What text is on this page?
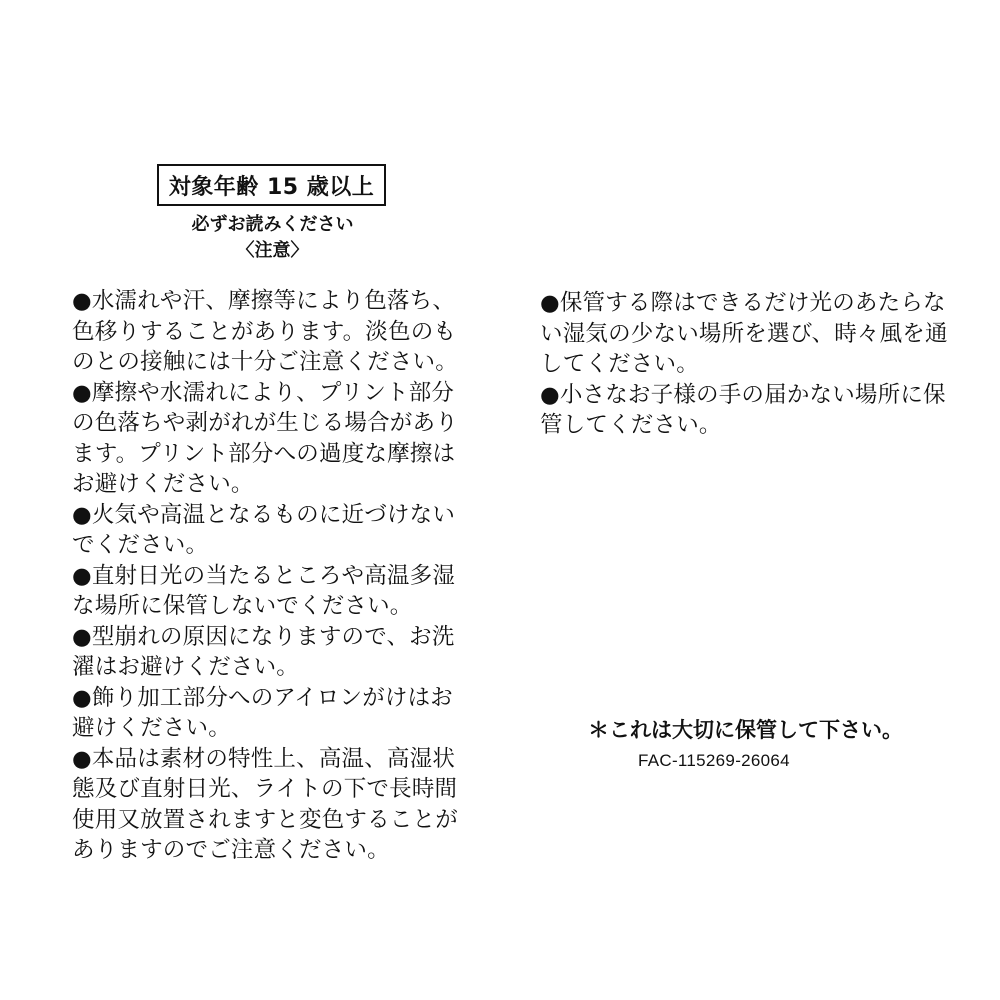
対象年齢 15 歳以上
必ずお読みください
〈注意〉
●水濡れや汗、摩擦等により色落ち、
色移りすることがあります。淡色のも
のとの接触には十分ご注意ください。
●摩擦や水濡れにより、プリント部分
の色落ちや剥がれが生じる場合があり
ます。プリント部分への過度な摩擦は
お避けください。
●火気や高温となるものに近づけない
でください。
●直射日光の当たるところや高温多湿
な場所に保管しないでください。
●型崩れの原因になりますので、お洗
濯はお避けください。
●飾り加工部分へのアイロンがけはお
避けください。
●本品は素材の特性上、高温、高湿状
態及び直射日光、ライトの下で長時間
使用又放置されますと変色することが
ありますのでご注意ください。
●保管する際はできるだけ光のあたらな
い湿気の少ない場所を選び、時々風を通
してください。
●小さなお子様の手の届かない場所に保
管してください。
＊これは大切に保管して下さい。
FAC-115269-26064
